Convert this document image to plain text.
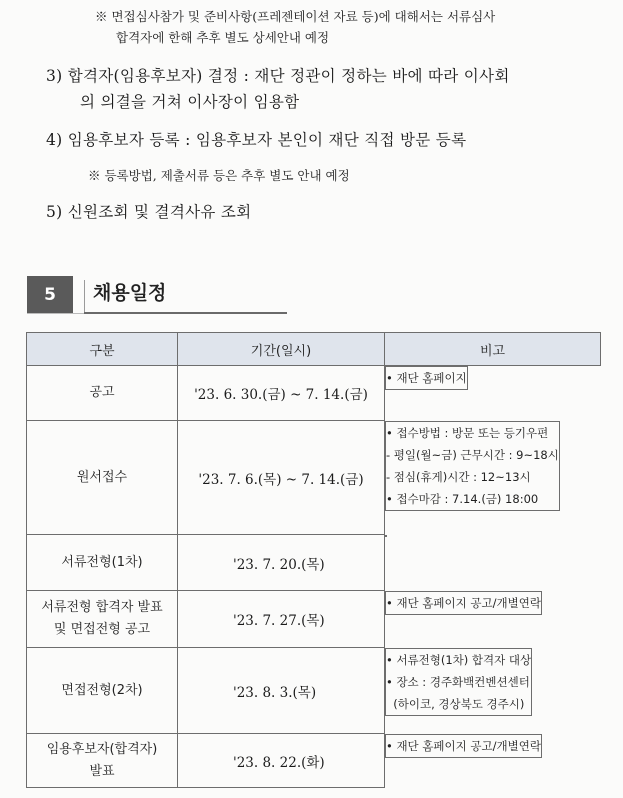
※ 면접심사참가 및 준비사항(프레젠테이션 자료 등)에 대해서는 서류심사
합격자에 한해 추후 별도 상세안내 예정
3) 합격자(임용후보자) 결정 : 재단 정관이 정하는 바에 따라 이사회
의 의결을 거쳐 이사장이 임용함
4) 임용후보자 등록 : 임용후보자 본인이 재단 직접 방문 등록
※ 등록방법, 제출서류 등은 추후 별도 안내 예정
5) 신원조회 및 결격사유 조회
5	채용일정
구분	기간(일시)	비고

공고	'23. 6. 30.(금) ~ 7. 14.(금)	
• 재단 홈페이지

원서접수	'23. 7. 6.(목) ~ 7. 14.(금)	
• 접수방법 : 방문 또는 등기우편
- 평일(월~금) 근무시간 : 9~18시
- 점심(휴게)시간 : 12~13시
• 접수마감 : 7.14.(금) 18:00

서류전형(1차)	'23. 7. 20.(목)	

서류전형 합격자 발표
및 면접전형 공고	'23. 7. 27.(목)	
• 재단 홈페이지 공고/개별연락

면접전형(2차)	'23. 8. 3.(목)	
• 서류전형(1차) 합격자 대상
• 장소 : 경주화백컨벤션센터
(하이코, 경상북도 경주시)

임용후보자(합격자)
발표	'23. 8. 22.(화)	
• 재단 홈페이지 공고/개별연락
